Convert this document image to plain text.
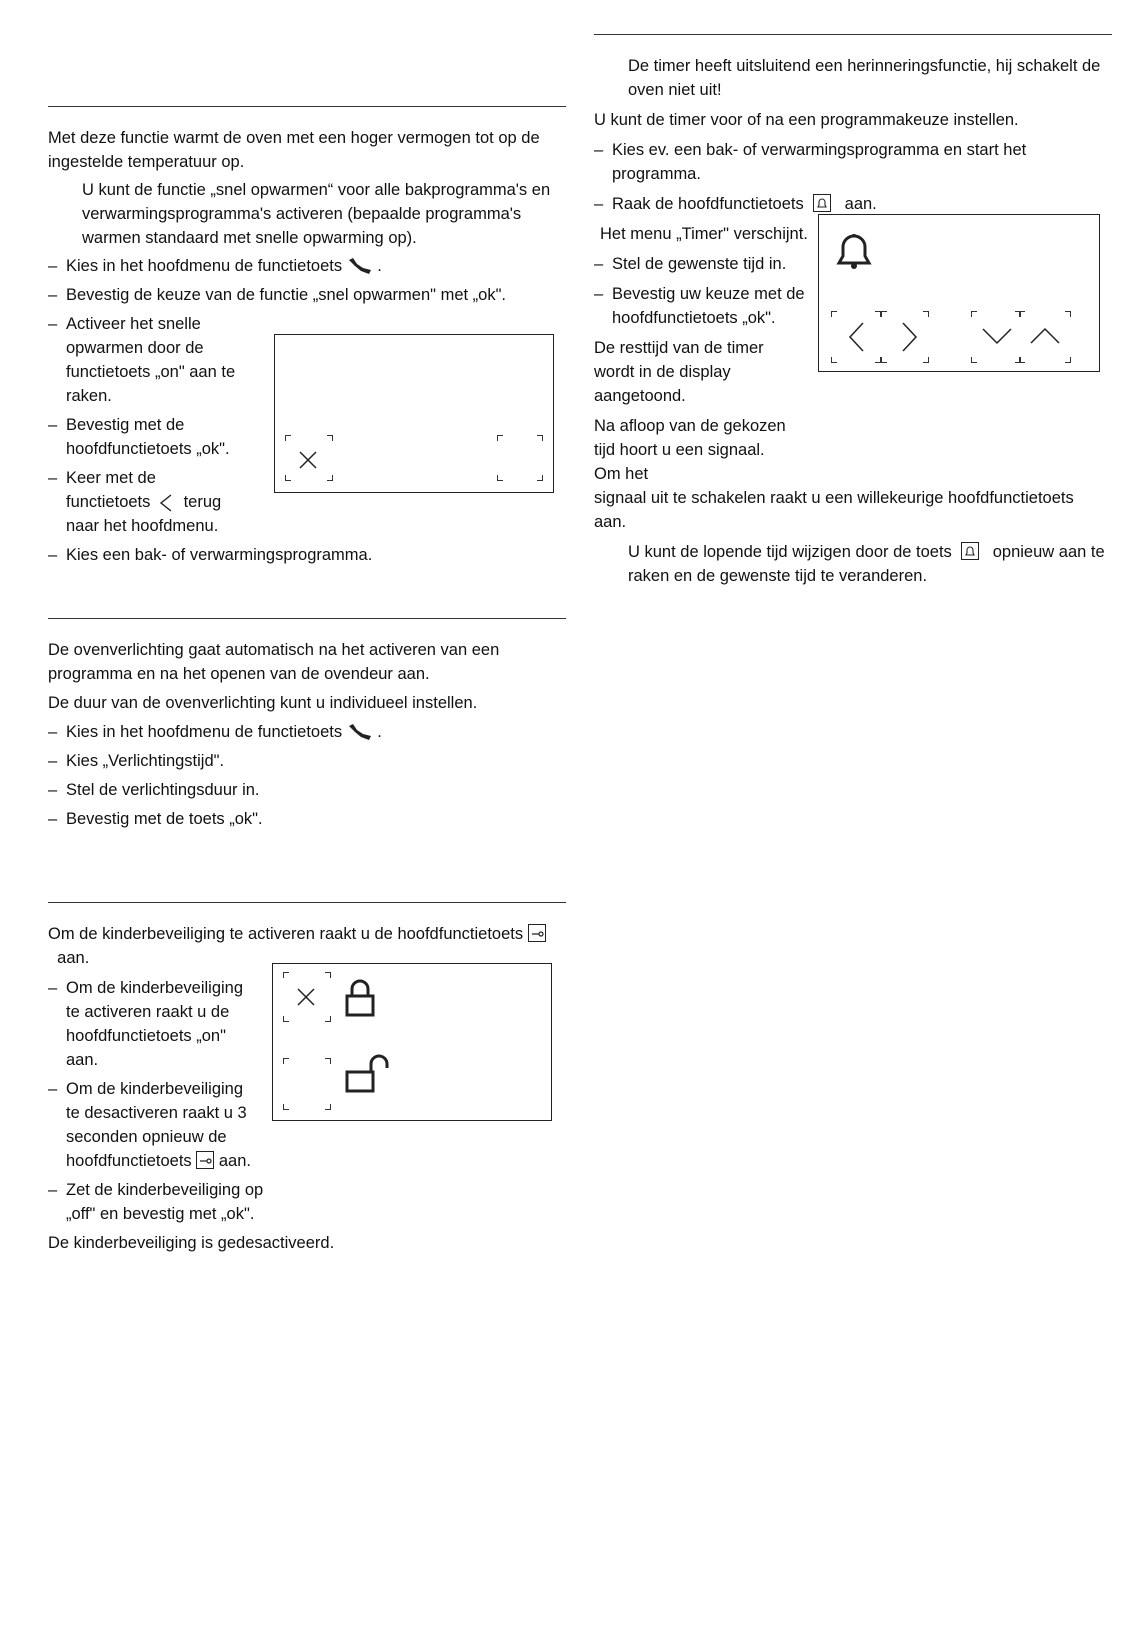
Met deze functie warmt de oven met een hoger vermogen tot op de ingestelde temperatuur op.

U kunt de functie „snel opwarmen“ voor alle bakprogramma's en verwarmingsprogramma's activeren (bepaalde programma's warmen standaard met snelle opwarming op).

– Kies in het hoofdmenu de functietoets .
– Bevestig de keuze van de functie „snel opwarmen" met „ok".
– Activeer het snelle opwarmen door de functietoets „on" aan te raken.
– Bevestig met de hoofdfunctietoets „ok".
– Keer met de functietoets terug naar het hoofdmenu.
– Kies een bak- of verwarmingsprogramma.

De ovenverlichting gaat automatisch na het activeren van een programma en na het openen van de ovendeur aan.

De duur van de ovenverlichting kunt u individueel instellen.

– Kies in het hoofdmenu de functietoets .
– Kies „Verlichtingstijd".
– Stel de verlichtingsduur in.
– Bevestig met de toets „ok".

Om de kinderbeveiliging te activeren raakt u de hoofdfunctietoets
aan.

– Om de kinderbeveiliging te activeren raakt u de hoofdfunctietoets „on" aan.
– Om de kinderbeveiliging te desactiveren raakt u 3 seconden opnieuw de hoofdfunctietoets aan.
– Zet de kinderbeveiliging op „off" en bevestig met „ok".

De kinderbeveiliging is gedesactiveerd.

De timer heeft uitsluitend een herinneringsfunctie, hij schakelt de oven niet uit!

U kunt de timer voor of na een programmakeuze instellen.

– Kies ev. een bak- of verwarmingsprogramma en start het programma.
– Raak de hoofdfunctietoets aan.

Het menu „Timer" verschijnt.

– Stel de gewenste tijd in.
– Bevestig uw keuze met de hoofdfunctietoets „ok".

De resttijd van de timer wordt in de display aangetoond.

Na afloop van de gekozen tijd hoort u een signaal. Om het

signaal uit te schakelen raakt u een willekeurige hoofdfunctietoets aan.

U kunt de lopende tijd wijzigen door de toets opnieuw aan te raken en de gewenste tijd te veranderen.
